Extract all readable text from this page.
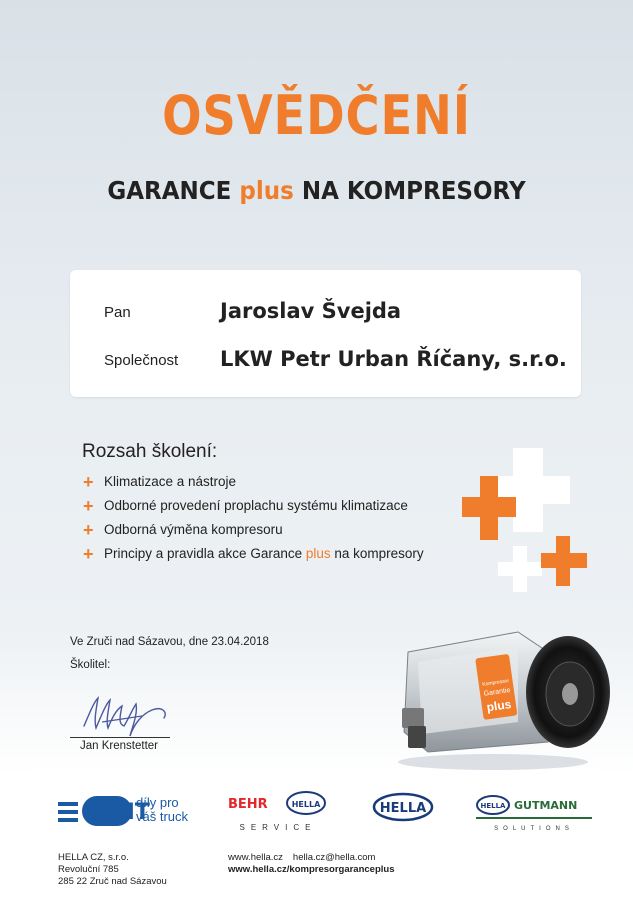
OSVĚDČENÍ
GARANCE plus NA KOMPRESORY
Pan	Jaroslav Švejda
Společnost LKW Petr Urban Říčany, s.r.o.
Rozsah školení:
+ Klimatizace a nástroje
+ Odborné provedení proplachu systému klimatizace
+ Odborná výměna kompresoru
+ Principy a pravidla akce Garance plus na kompresory
Kompressor
Garantie
plus
Ve Zruči nad Sázavou, dne 23.04.2018
Školitel:
Jan Krenstetter
EMT
díly pro
váš truck
BEHR	HELLA
SERVICE
HELLA	HELLA GUTMANN
SOLUTIONS
HELLA CZ, s.r.o.
Revoluční 785
285 22 Zruč nad Sázavou
www.hella.cz hella.cz@hella.com
www.hella.cz/kompresorgaranceplus
